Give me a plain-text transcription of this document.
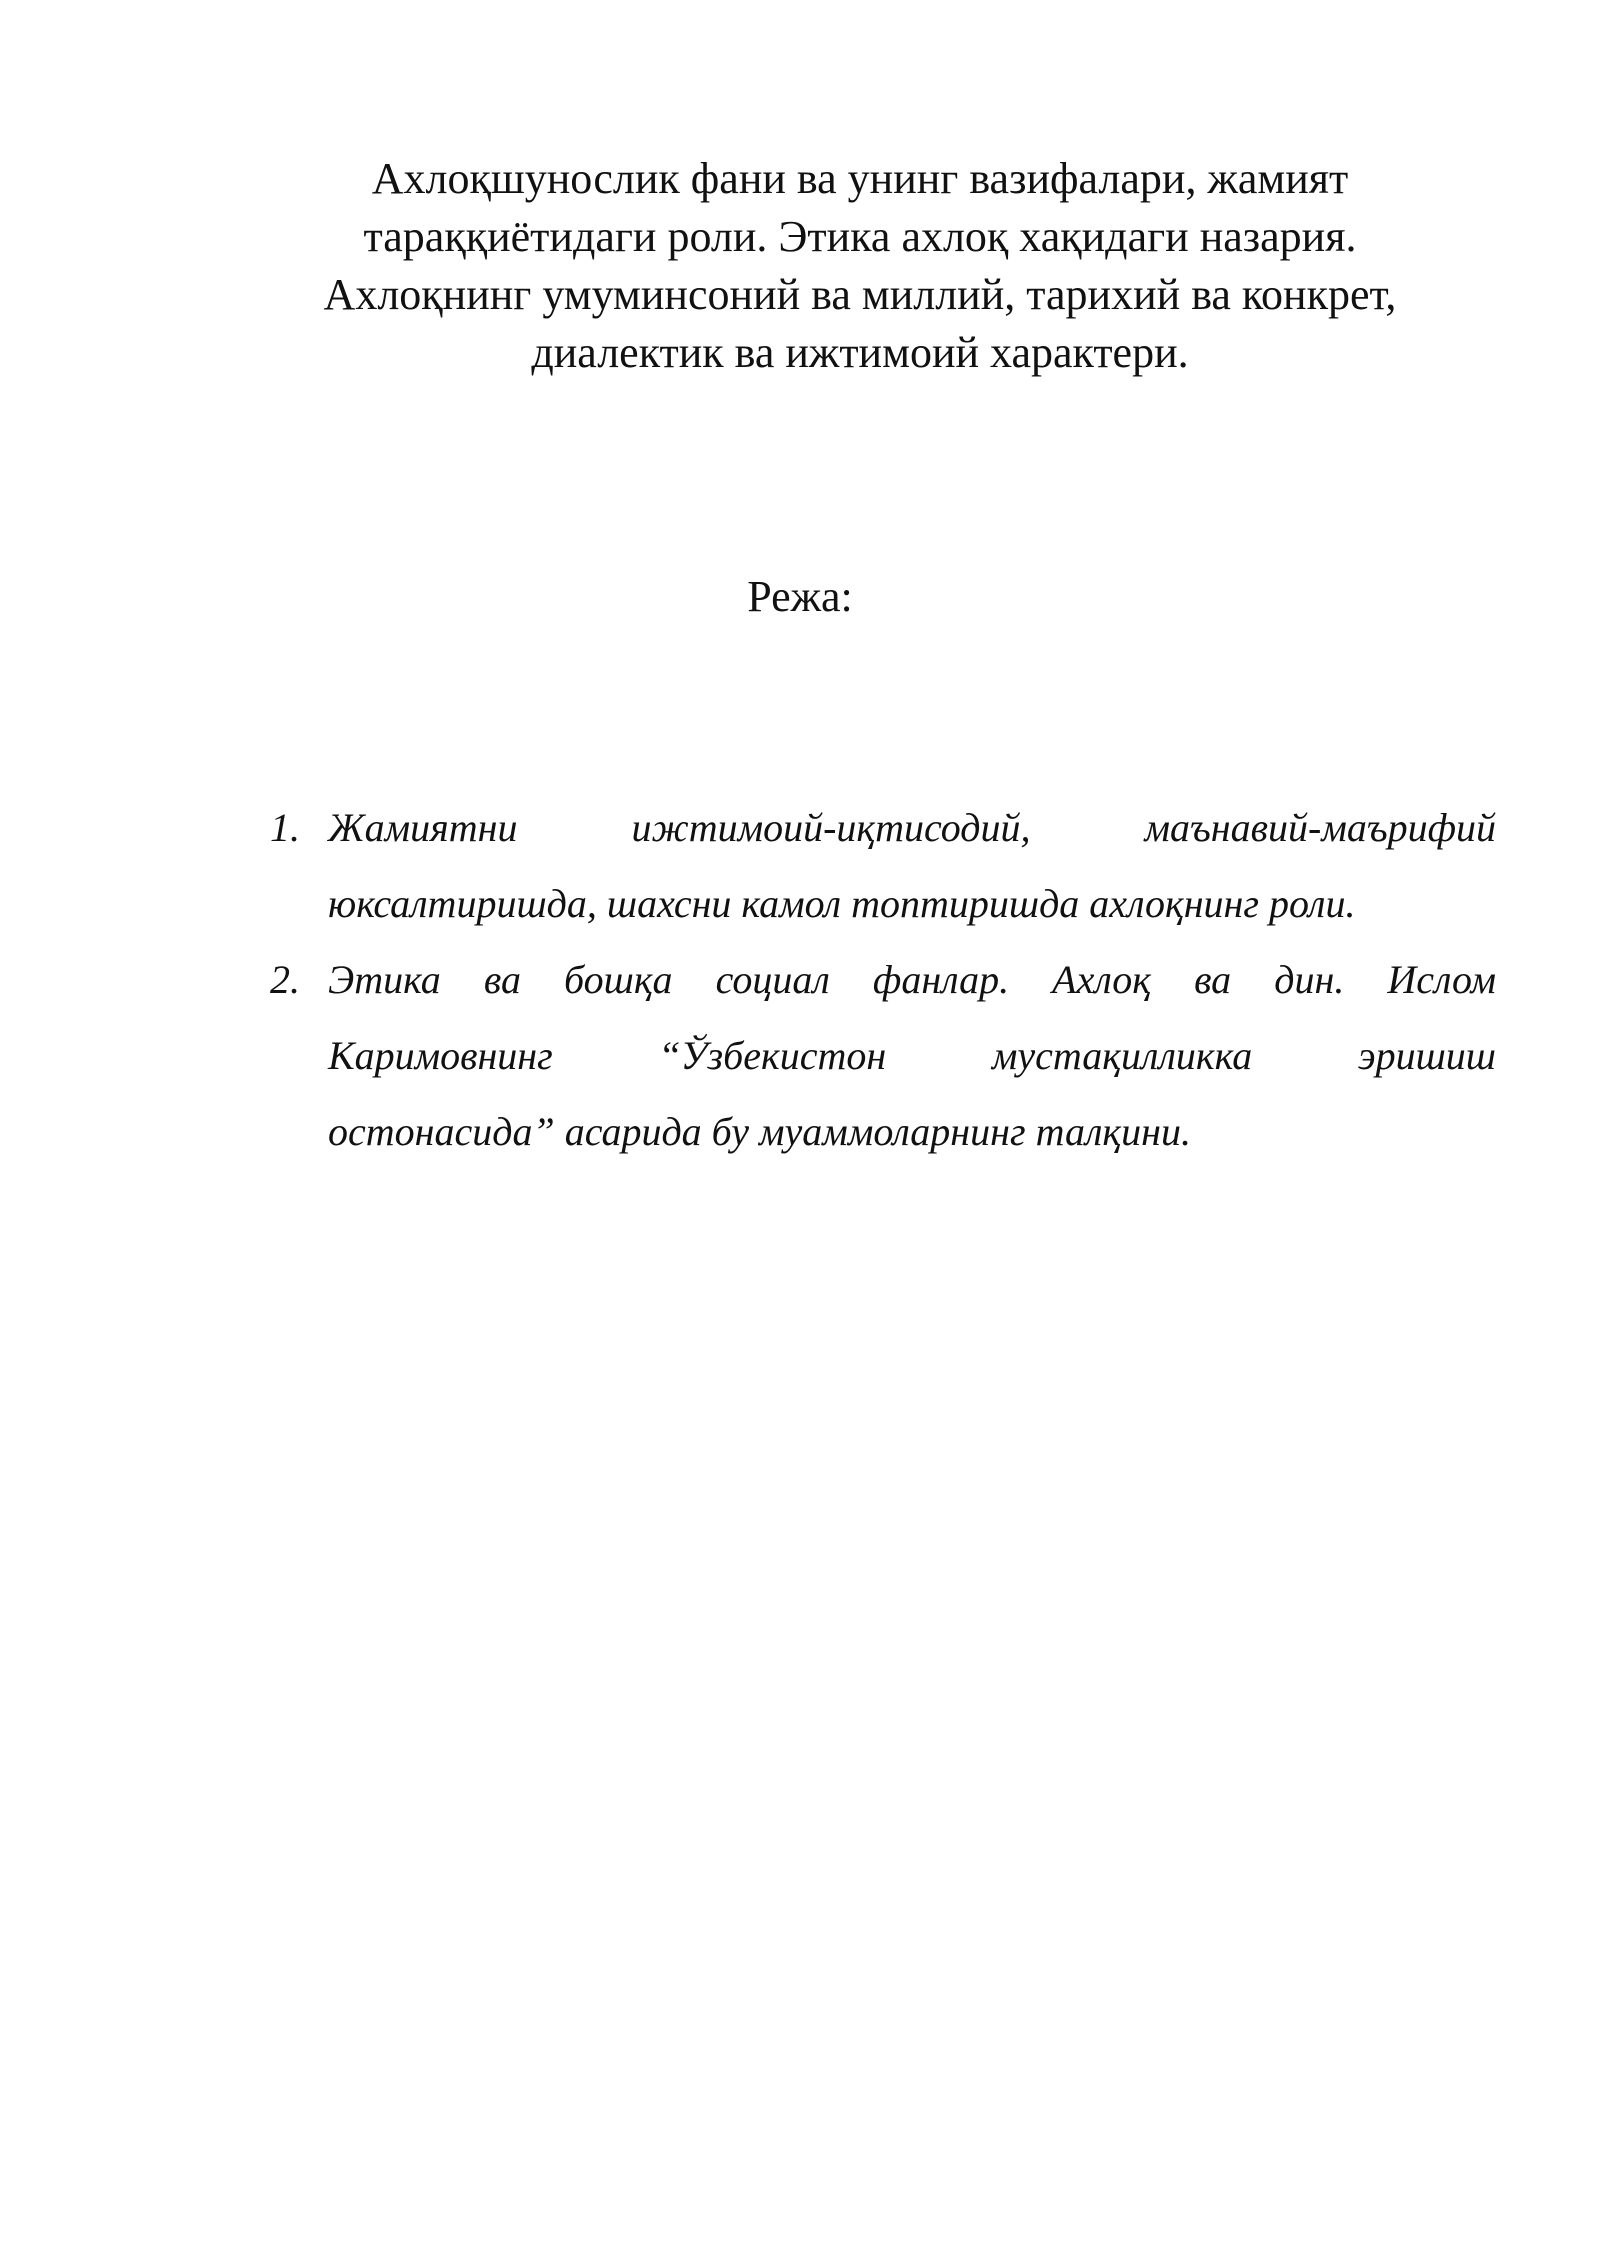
Ахлоқшунослик фани ва унинг вазифалари, жамият
тараққиётидаги роли. Этика ахлоқ хақидаги назария.
Ахлоқнинг умуминсоний ва миллий, тарихий ва конкрет,
диалектик ва ижтимоий характери.
Режа:
1. Жамиятни ижтимоий-иқтисодий, маънавий-маърифий
юксалтиришда, шахсни камол топтиришда ахлоқнинг роли.
2. Этика ва бошқа социал фанлар. Ахлоқ ва дин. Ислом
Каримовнинг “Ўзбекистон мустақилликка эришиш
остонасида” асарида бу муаммоларнинг талқини.
